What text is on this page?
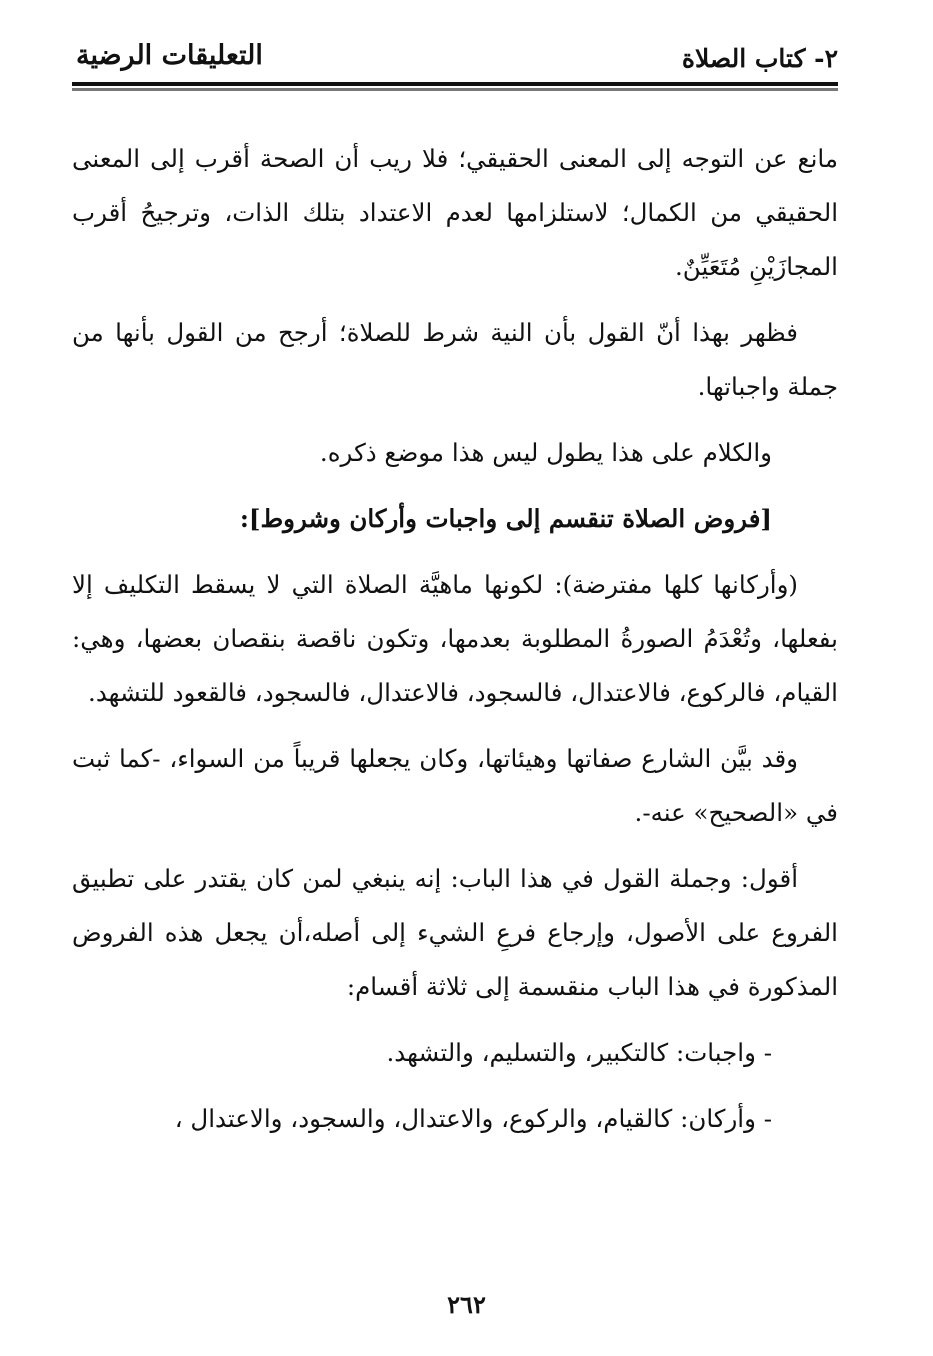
٢- كتاب الصلاة
التعليقات الرضية

مانع عن التوجه إلى المعنى الحقيقي؛ فلا ريب أن الصحة أقرب إلى المعنى الحقيقي من الكمال؛ لاستلزامها لعدم الاعتداد بتلك الذات، وترجيحُ أقرب المجازَيْنِ مُتَعَيِّنٌ.

فظهر بهذا أنّ القول بأن النية شرط للصلاة؛ أرجح من القول بأنها من جملة واجباتها.

والكلام على هذا يطول ليس هذا موضع ذكره.

[فروض الصلاة تنقسم إلى واجبات وأركان وشروط]:

(وأركانها كلها مفترضة): لكونها ماهيَّة الصلاة التي لا يسقط التكليف إلا بفعلها، وتُعْدَمُ الصورةُ المطلوبة بعدمها، وتكون ناقصة بنقصان بعضها، وهي: القيام، فالركوع، فالاعتدال، فالسجود، فالاعتدال، فالسجود، فالقعود للتشهد.

وقد بيَّن الشارع صفاتها وهيئاتها، وكان يجعلها قريباً من السواء، -كما ثبت في «الصحيح» عنه-.

أقول: وجملة القول في هذا الباب: إنه ينبغي لمن كان يقتدر على تطبيق الفروع على الأصول، وإرجاع فرعِ الشيء إلى أصله،أن يجعل هذه الفروض المذكورة في هذا الباب منقسمة إلى ثلاثة أقسام:

- واجبات: كالتكبير، والتسليم، والتشهد.

- وأركان: كالقيام، والركوع، والاعتدال، والسجود، والاعتدال ،

٢٦٢
